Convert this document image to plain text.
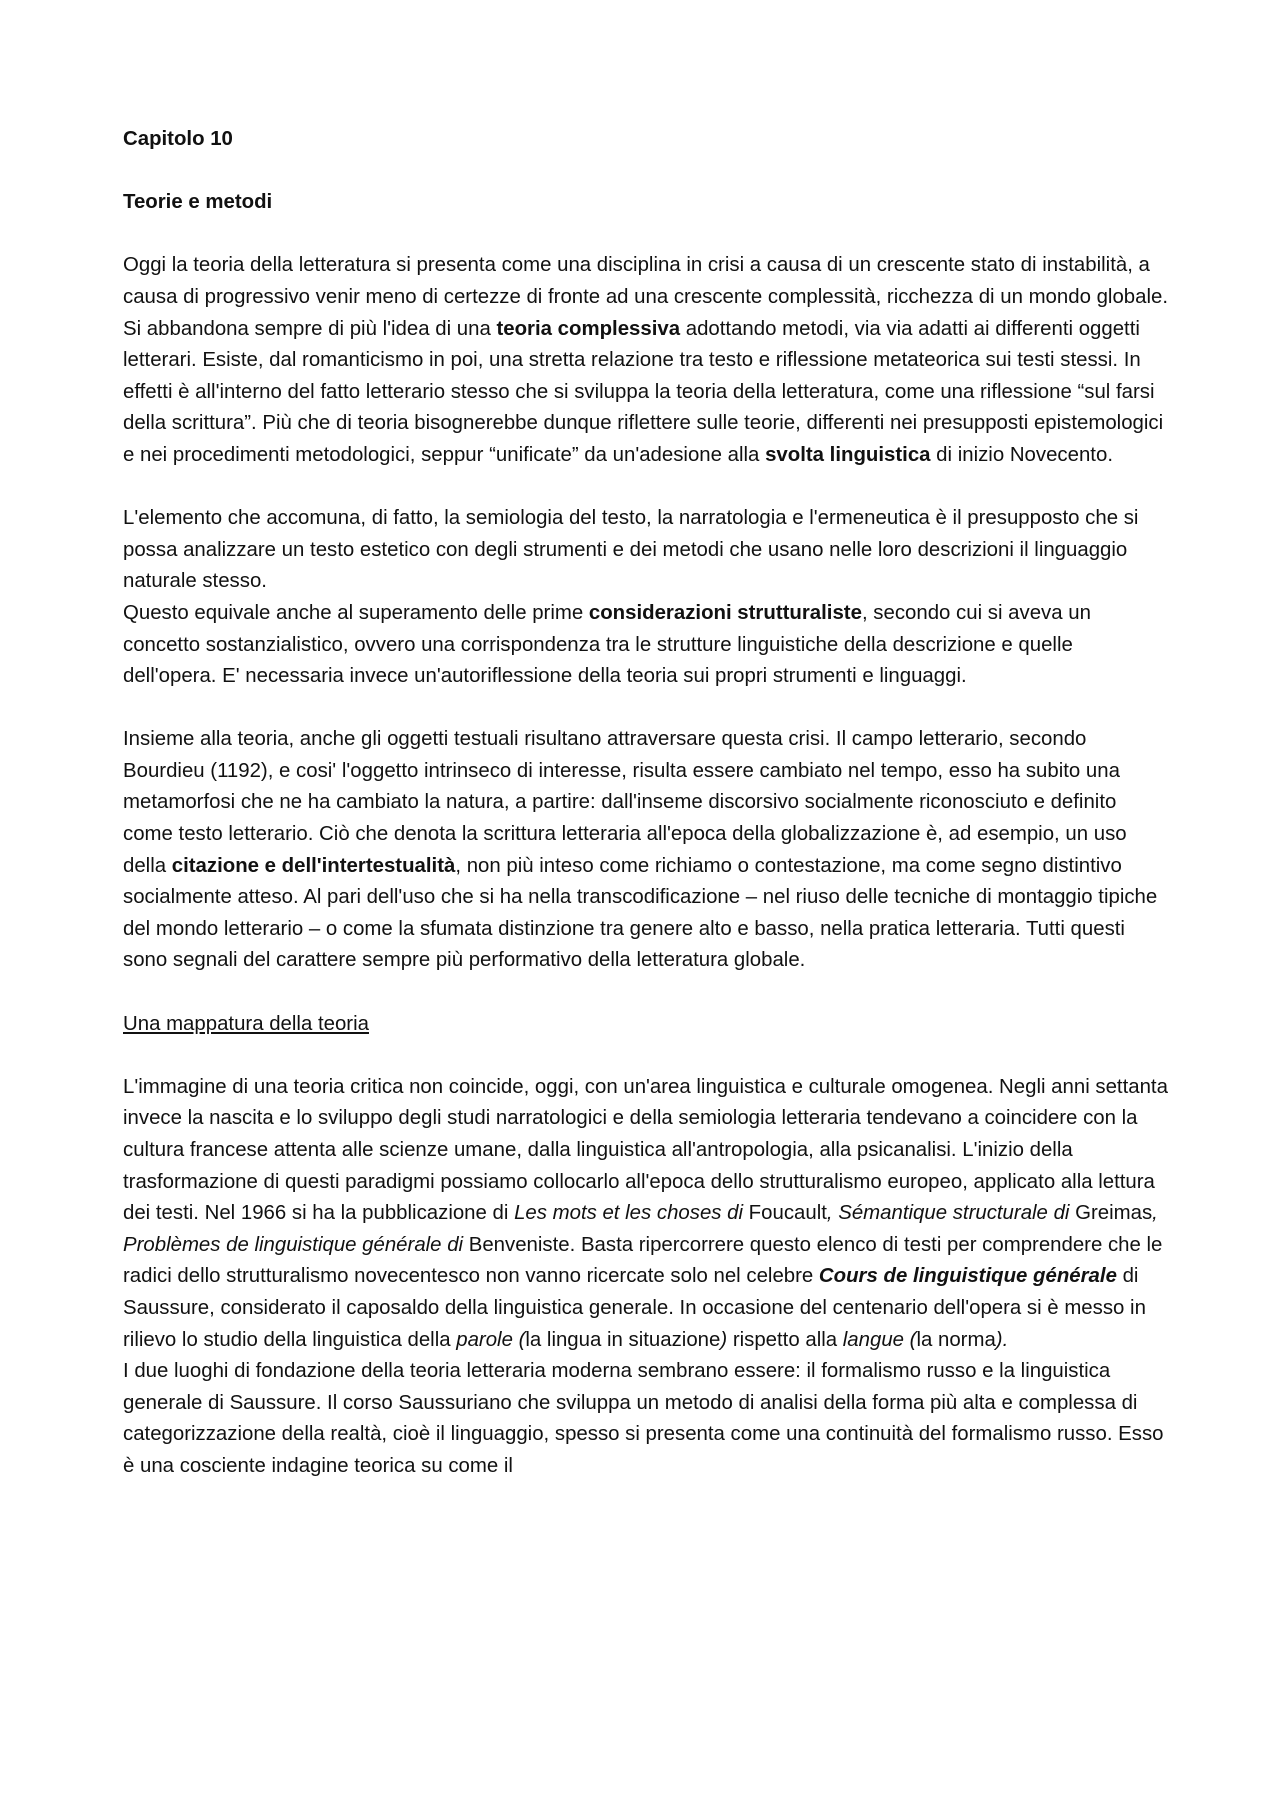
Capitolo 10

Teorie e metodi

Oggi la teoria della letteratura si presenta come una disciplina in crisi a causa di un crescente stato di instabilità, a causa di progressivo venir meno di certezze di fronte ad una crescente complessità, ricchezza di un mondo globale. Si abbandona sempre di più l'idea di una teoria complessiva adottando metodi, via via adatti ai differenti oggetti letterari. Esiste, dal romanticismo in poi, una stretta relazione tra testo e riflessione metateorica sui testi stessi. In effetti è all'interno del fatto letterario stesso che si sviluppa la teoria della letteratura, come una riflessione “sul farsi della scrittura”. Più che di teoria bisognerebbe dunque riflettere sulle teorie, differenti nei presupposti epistemologici e nei procedimenti metodologici, seppur “unificate” da un'adesione alla svolta linguistica di inizio Novecento.

L'elemento che accomuna, di fatto, la semiologia del testo, la narratologia e l'ermeneutica è il presupposto che si possa analizzare un testo estetico con degli strumenti e dei metodi che usano nelle loro descrizioni il linguaggio naturale stesso.

Questo equivale anche al superamento delle prime considerazioni strutturaliste, secondo cui si aveva un concetto sostanzialistico, ovvero una corrispondenza tra le strutture linguistiche della descrizione e quelle dell'opera. E' necessaria invece un'autoriflessione della teoria sui propri strumenti e linguaggi.

Insieme alla teoria, anche gli oggetti testuali risultano attraversare questa crisi. Il campo letterario, secondo Bourdieu (1192), e cosi' l'oggetto intrinseco di interesse, risulta essere cambiato nel tempo, esso ha subito una metamorfosi che ne ha cambiato la natura, a partire: dall'inseme discorsivo socialmente riconosciuto e definito come testo letterario. Ciò che denota la scrittura letteraria all'epoca della globalizzazione è, ad esempio, un uso della citazione e dell'intertestualità, non più inteso come richiamo o contestazione, ma come segno distintivo socialmente atteso. Al pari dell'uso che si ha nella transcodificazione – nel riuso delle tecniche di montaggio tipiche del mondo letterario – o come la sfumata distinzione tra genere alto e basso, nella pratica letteraria. Tutti questi sono segnali del carattere sempre più performativo della letteratura globale.

Una mappatura della teoria

L'immagine di una teoria critica non coincide, oggi, con un'area linguistica e culturale omogenea. Negli anni settanta invece la nascita e lo sviluppo degli studi narratologici e della semiologia letteraria tendevano a coincidere con la cultura francese attenta alle scienze umane, dalla linguistica all'antropologia, alla psicanalisi. L'inizio della trasformazione di questi paradigmi possiamo collocarlo all'epoca dello strutturalismo europeo, applicato alla lettura dei testi. Nel 1966 si ha la pubblicazione di Les mots et les choses di Foucault, Sémantique structurale di Greimas, Problèmes de linguistique générale di Benveniste. Basta ripercorrere questo elenco di testi per comprendere che le radici dello strutturalismo novecentesco non vanno ricercate solo nel celebre Cours de linguistique générale di Saussure, considerato il caposaldo della linguistica generale. In occasione del centenario dell'opera si è messo in rilievo lo studio della linguistica della parole (la lingua in situazione) rispetto alla langue (la norma).

I due luoghi di fondazione della teoria letteraria moderna sembrano essere: il formalismo russo e la linguistica generale di Saussure. Il corso Saussuriano che sviluppa un metodo di analisi della forma più alta e complessa di categorizzazione della realtà, cioè il linguaggio, spesso si presenta come una continuità del formalismo russo. Esso è una cosciente indagine teorica su come il
